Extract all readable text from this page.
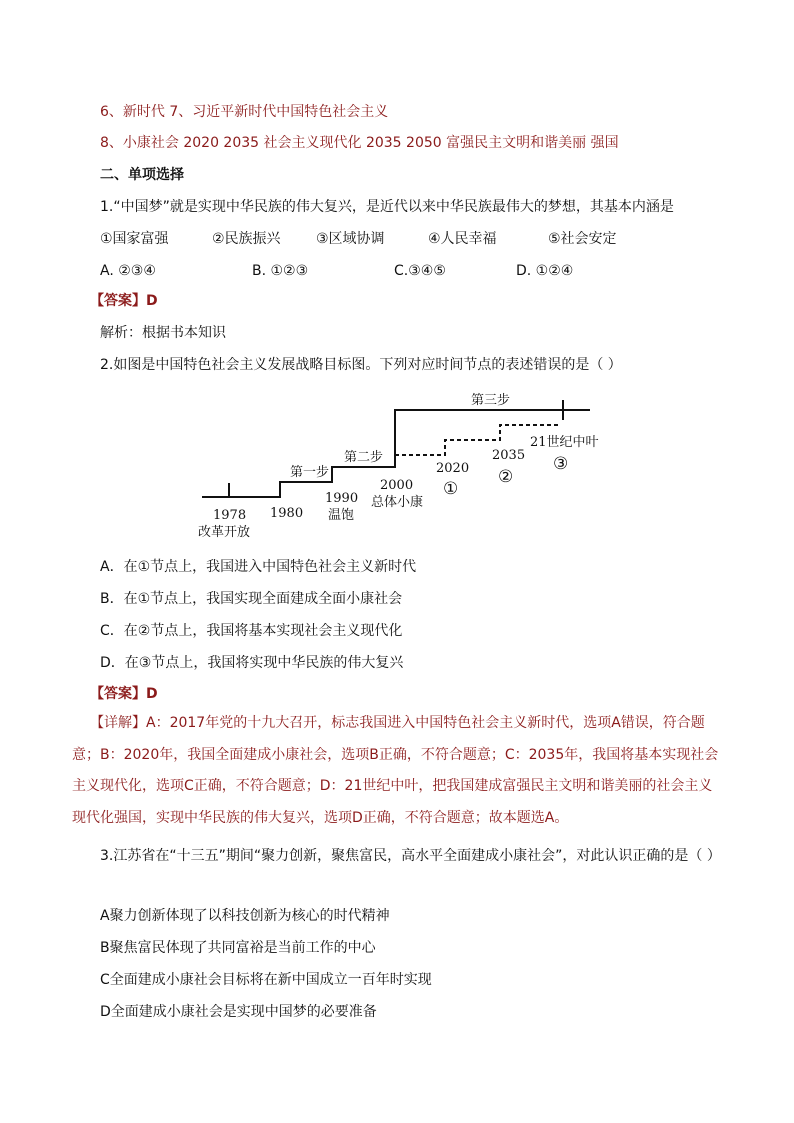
6、新时代 7、习近平新时代中国特色社会主义
8、小康社会 2020 2035 社会主义现代化 2035 2050 富强民主文明和谐美丽 强国
二、单项选择
1.“中国梦”就是实现中华民族的伟大复兴，是近代以来中华民族最伟大的梦想，其基本内涵是
①国家富强	②民族振兴	③区域协调	④人民幸福	⑤社会安定
A. ②③④	B. ①②③	C.③④⑤	D. ①②④
【答案】D
解析：根据书本知识
2.如图是中国特色社会主义发展战略目标图。下列对应时间节点的表述错误的是（ ）
第三步
第二步
第一步
1978
改革开放
1980
1990
温饱
2000
总体小康
2020
①
2035
②
21世纪中叶
③
A．在①节点上，我国进入中国特色社会主义新时代
B．在①节点上，我国实现全面建成全面小康社会
C．在②节点上，我国将基本实现社会主义现代化
D．在③节点上，我国将实现中华民族的伟大复兴
【答案】D
【详解】A：2017年党的十九大召开，标志我国进入中国特色社会主义新时代，选项A错误，符合题意；B：2020年，我国全面建成小康社会，选项B正确，不符合题意；C：2035年，我国将基本实现社会主义现代化，选项C正确，不符合题意；D：21世纪中叶，把我国建成富强民主文明和谐美丽的社会主义现代化强国，实现中华民族的伟大复兴，选项D正确，不符合题意；故本题选A。
3.江苏省在“十三五”期间“聚力创新，聚焦富民，高水平全面建成小康社会”，对此认识正确的是（ ）
A聚力创新体现了以科技创新为核心的时代精神
B聚焦富民体现了共同富裕是当前工作的中心
C全面建成小康社会目标将在新中国成立一百年时实现
D全面建成小康社会是实现中国梦的必要准备
